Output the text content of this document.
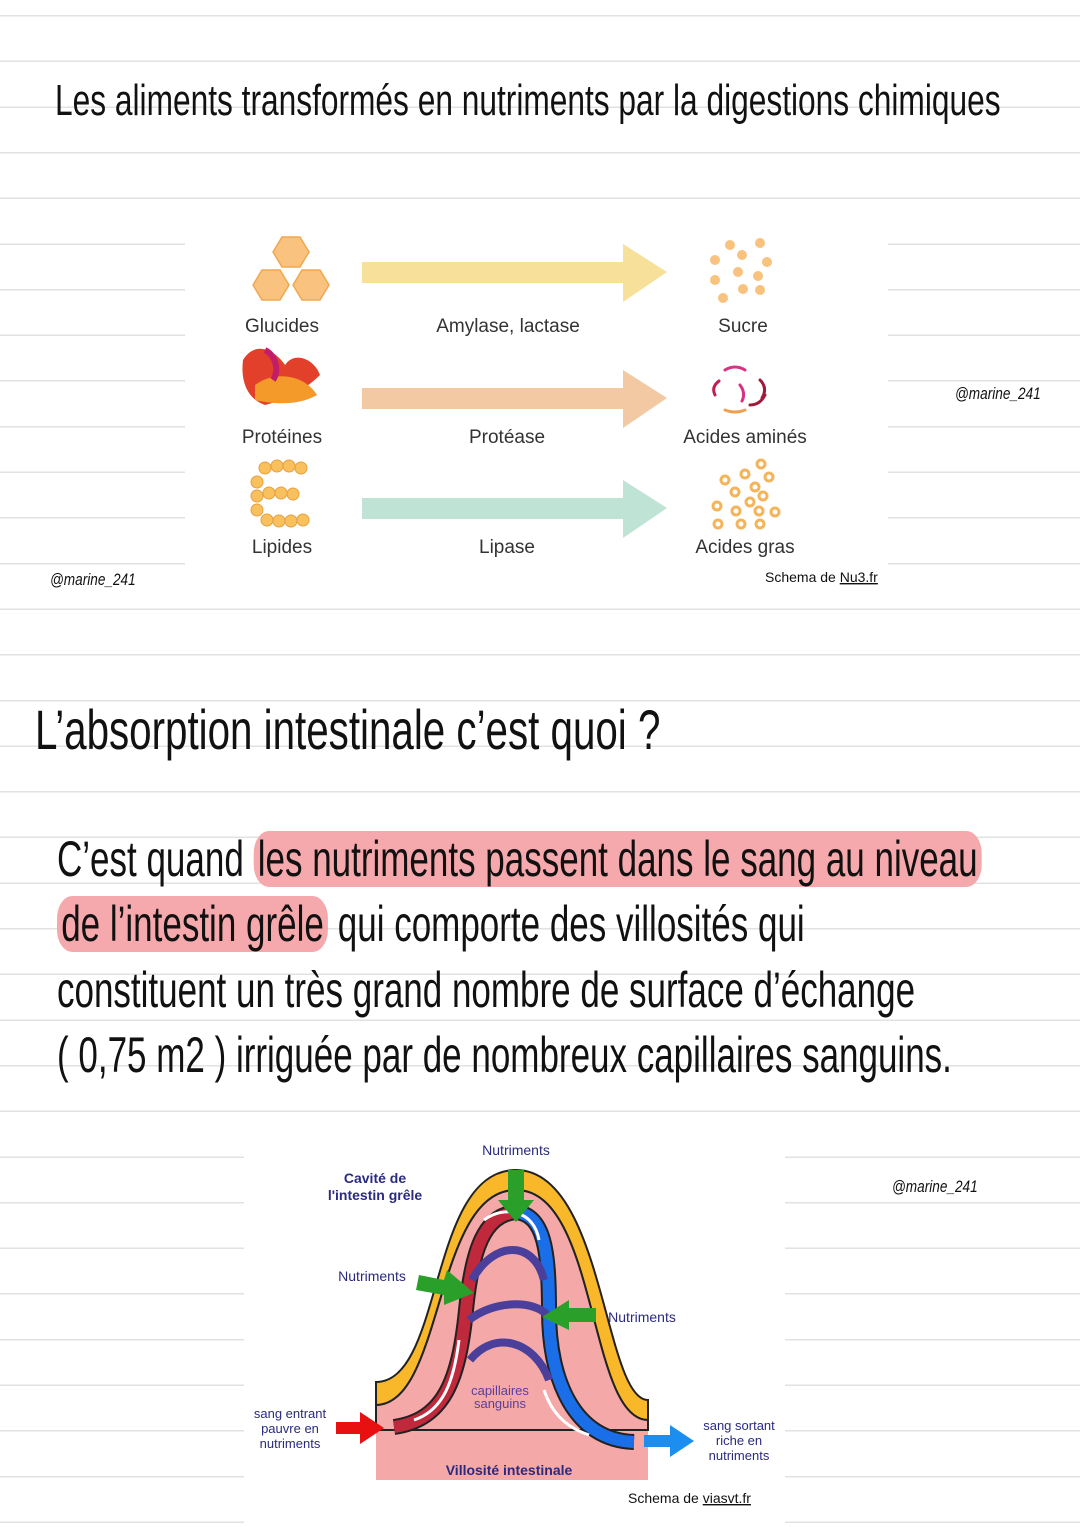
Les aliments transformés en nutriments par la digestions chimiques
Glucides	Amylase, lactase	Sucre
Protéines	Protéase	Acides aminés
Lipides	Lipase	Acides gras
Schema de Nu3.fr
@marine_241
@marine_241
@marine_241
L’absorption intestinale c’est quoi ?
C’est quand les nutriments passent dans le sang au niveau
de l’intestin grêle qui comporte des villosités qui
constituent un très grand nombre de surface d’échange
( 0,75 m2 ) irriguée par de nombreux capillaires sanguins.
Cavité de
l'intestin grêle
Nutriments
Nutriments
Nutriments
capillaires
sanguins
sang entrant
pauvre en
nutriments
sang sortant
riche en
nutriments
Villosité intestinale
Schema de viasvt.fr
